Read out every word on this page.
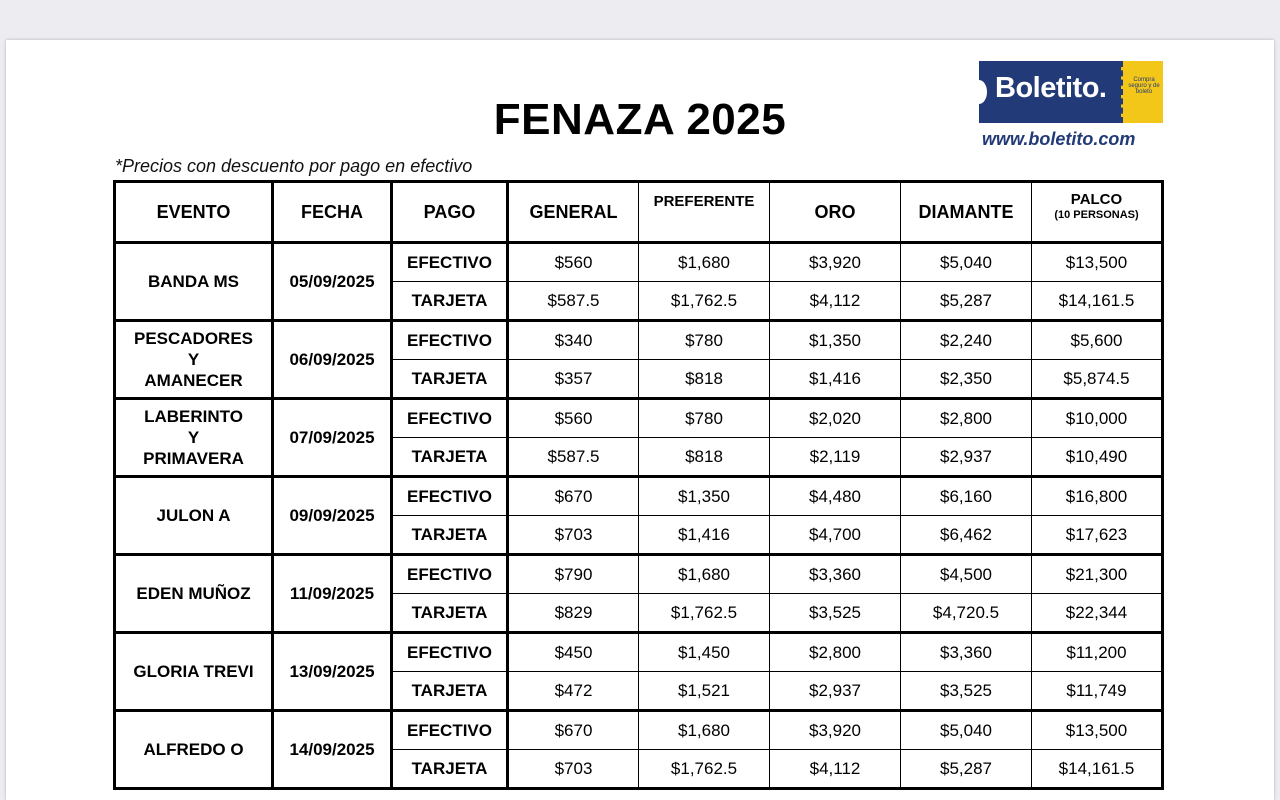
Boletito.	Compra seguro y de boleto
www.boletito.com
FENAZA 2025
*Precios con descuento por pago en efectivo
EVENTO	FECHA	PAGO	GENERAL	PREFERENTE	ORO	DIAMANTE	PALCO
(10 PERSONAS)

BANDA MS	05/09/2025	EFECTIVO	$560	$1,680	$3,920	$5,040	$13,500
		TARJETA	$587.5	$1,762.5	$4,112	$5,287	$14,161.5

PESCADORES
Y
AMANECER	06/09/2025	EFECTIVO	$340	$780	$1,350	$2,240	$5,600
		TARJETA	$357	$818	$1,416	$2,350	$5,874.5

LABERINTO
Y
PRIMAVERA	07/09/2025	EFECTIVO	$560	$780	$2,020	$2,800	$10,000
		TARJETA	$587.5	$818	$2,119	$2,937	$10,490

JULON A	09/09/2025	EFECTIVO	$670	$1,350	$4,480	$6,160	$16,800
		TARJETA	$703	$1,416	$4,700	$6,462	$17,623

EDEN MUÑOZ	11/09/2025	EFECTIVO	$790	$1,680	$3,360	$4,500	$21,300
		TARJETA	$829	$1,762.5	$3,525	$4,720.5	$22,344

GLORIA TREVI	13/09/2025	EFECTIVO	$450	$1,450	$2,800	$3,360	$11,200
		TARJETA	$472	$1,521	$2,937	$3,525	$11,749

ALFREDO O	14/09/2025	EFECTIVO	$670	$1,680	$3,920	$5,040	$13,500
		TARJETA	$703	$1,762.5	$4,112	$5,287	$14,161.5
